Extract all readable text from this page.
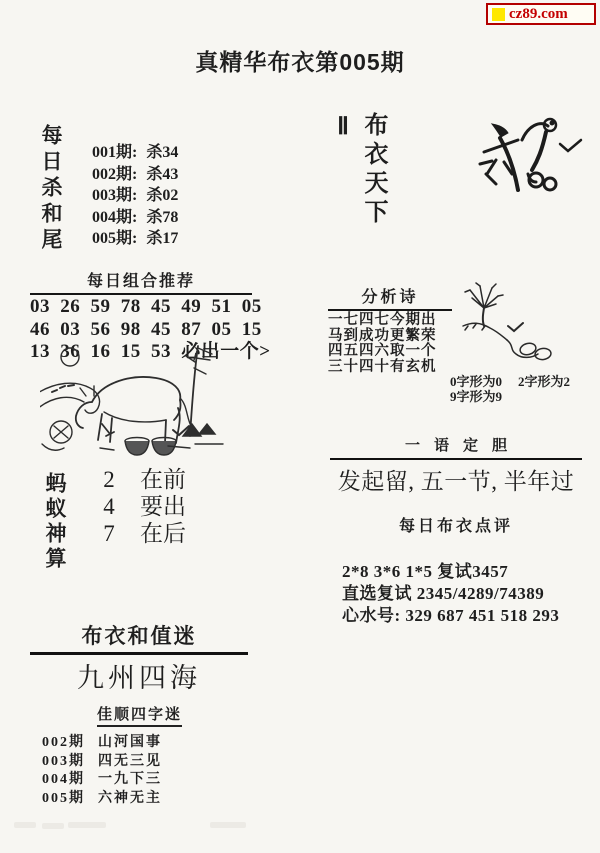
cz89.com
真精华布衣第005期
每日杀和尾 001期: 杀34
002期: 杀43
003期: 杀02
004期: 杀78
005期: 杀17
每日组合推荐
03 26 59 78 45 49 51 05
46 03 56 98 45 87 05 15
13 36 16 15 53 必出一个>
蚂蚁神算 2 在前
4 要出
7 在后
布衣和值迷
九州四海
佳顺四字迷
002期 山河国事
003期 四无三见
004期 一九下三
005期 六神无主
布衣天下Ⅱ
分析诗
一七四七今期出
马到成功更繁荣
四五四六取一个
三十四十有玄机
0字形为0 2字形为2
9字形为9
一语定胆
发起留, 五一节, 半年过
每日布衣点评
2*8 3*6 1*5 复试3457
直选复试 2345/4289/74389
心水号: 329 687 451 518 293
